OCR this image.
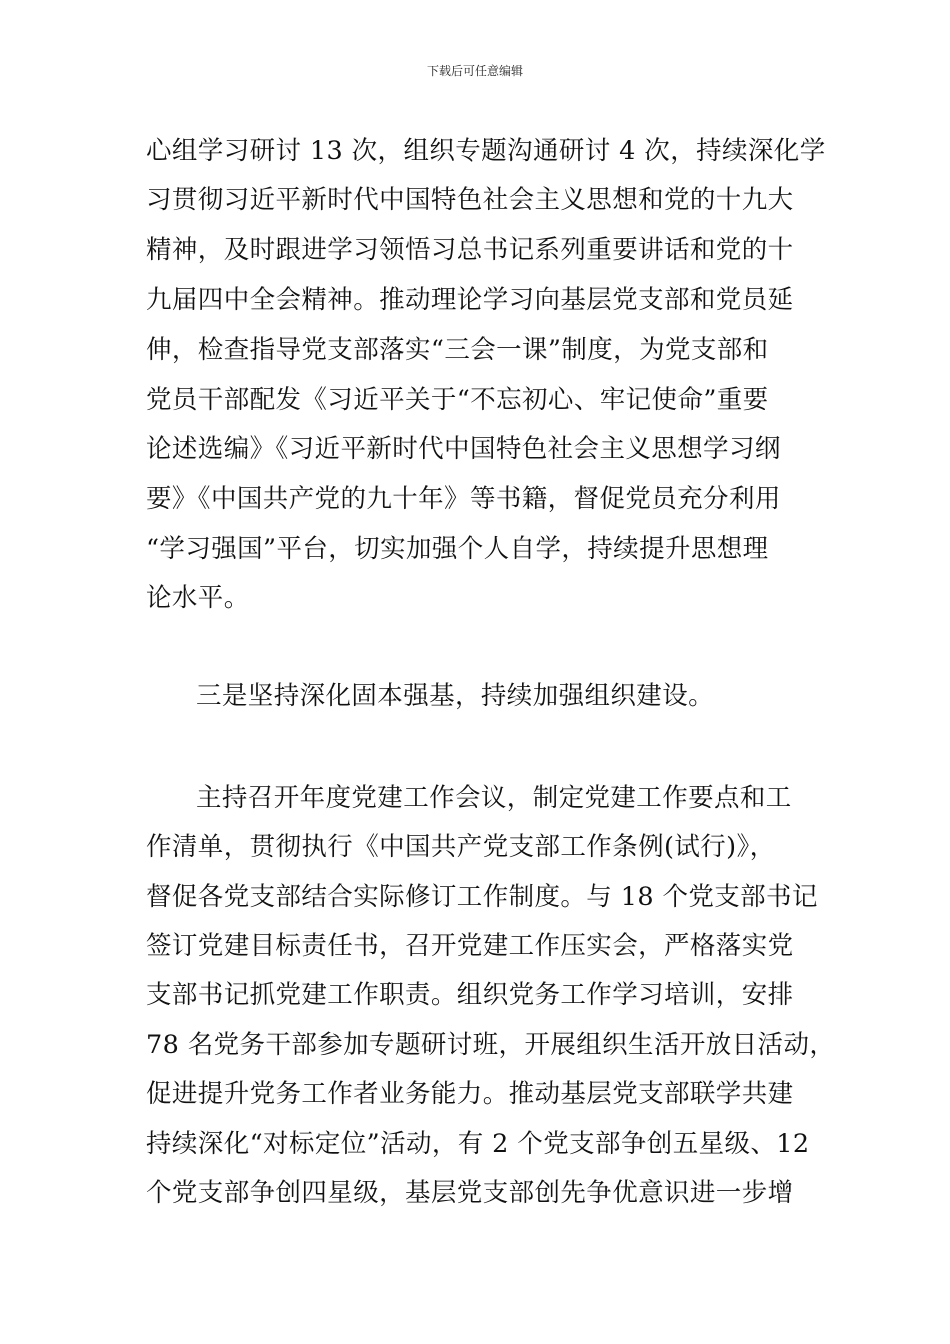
下载后可任意编辑
心组学习研讨 13 次，组织专题沟通研讨 4 次，持续深化学
习贯彻习近平新时代中国特色社会主义思想和党的十九大
精神，及时跟进学习领悟习总书记系列重要讲话和党的十
九届四中全会精神。推动理论学习向基层党支部和党员延
伸，检查指导党支部落实“三会一课”制度，为党支部和
党员干部配发《习近平关于“不忘初心、牢记使命”重要
论述选编》《习近平新时代中国特色社会主义思想学习纲
要》《中国共产党的九十年》等书籍，督促党员充分利用
“学习强国”平台，切实加强个人自学，持续提升思想理
论水平。
三是坚持深化固本强基，持续加强组织建设。
主持召开年度党建工作会议，制定党建工作要点和工
作清单，贯彻执行《中国共产党支部工作条例(试行)》，
督促各党支部结合实际修订工作制度。与 18 个党支部书记
签订党建目标责任书，召开党建工作压实会，严格落实党
支部书记抓党建工作职责。组织党务工作学习培训，安排
78 名党务干部参加专题研讨班，开展组织生活开放日活动，
促进提升党务工作者业务能力。推动基层党支部联学共建
持续深化“对标定位”活动，有 2 个党支部争创五星级、12
个党支部争创四星级，基层党支部创先争优意识进一步增
